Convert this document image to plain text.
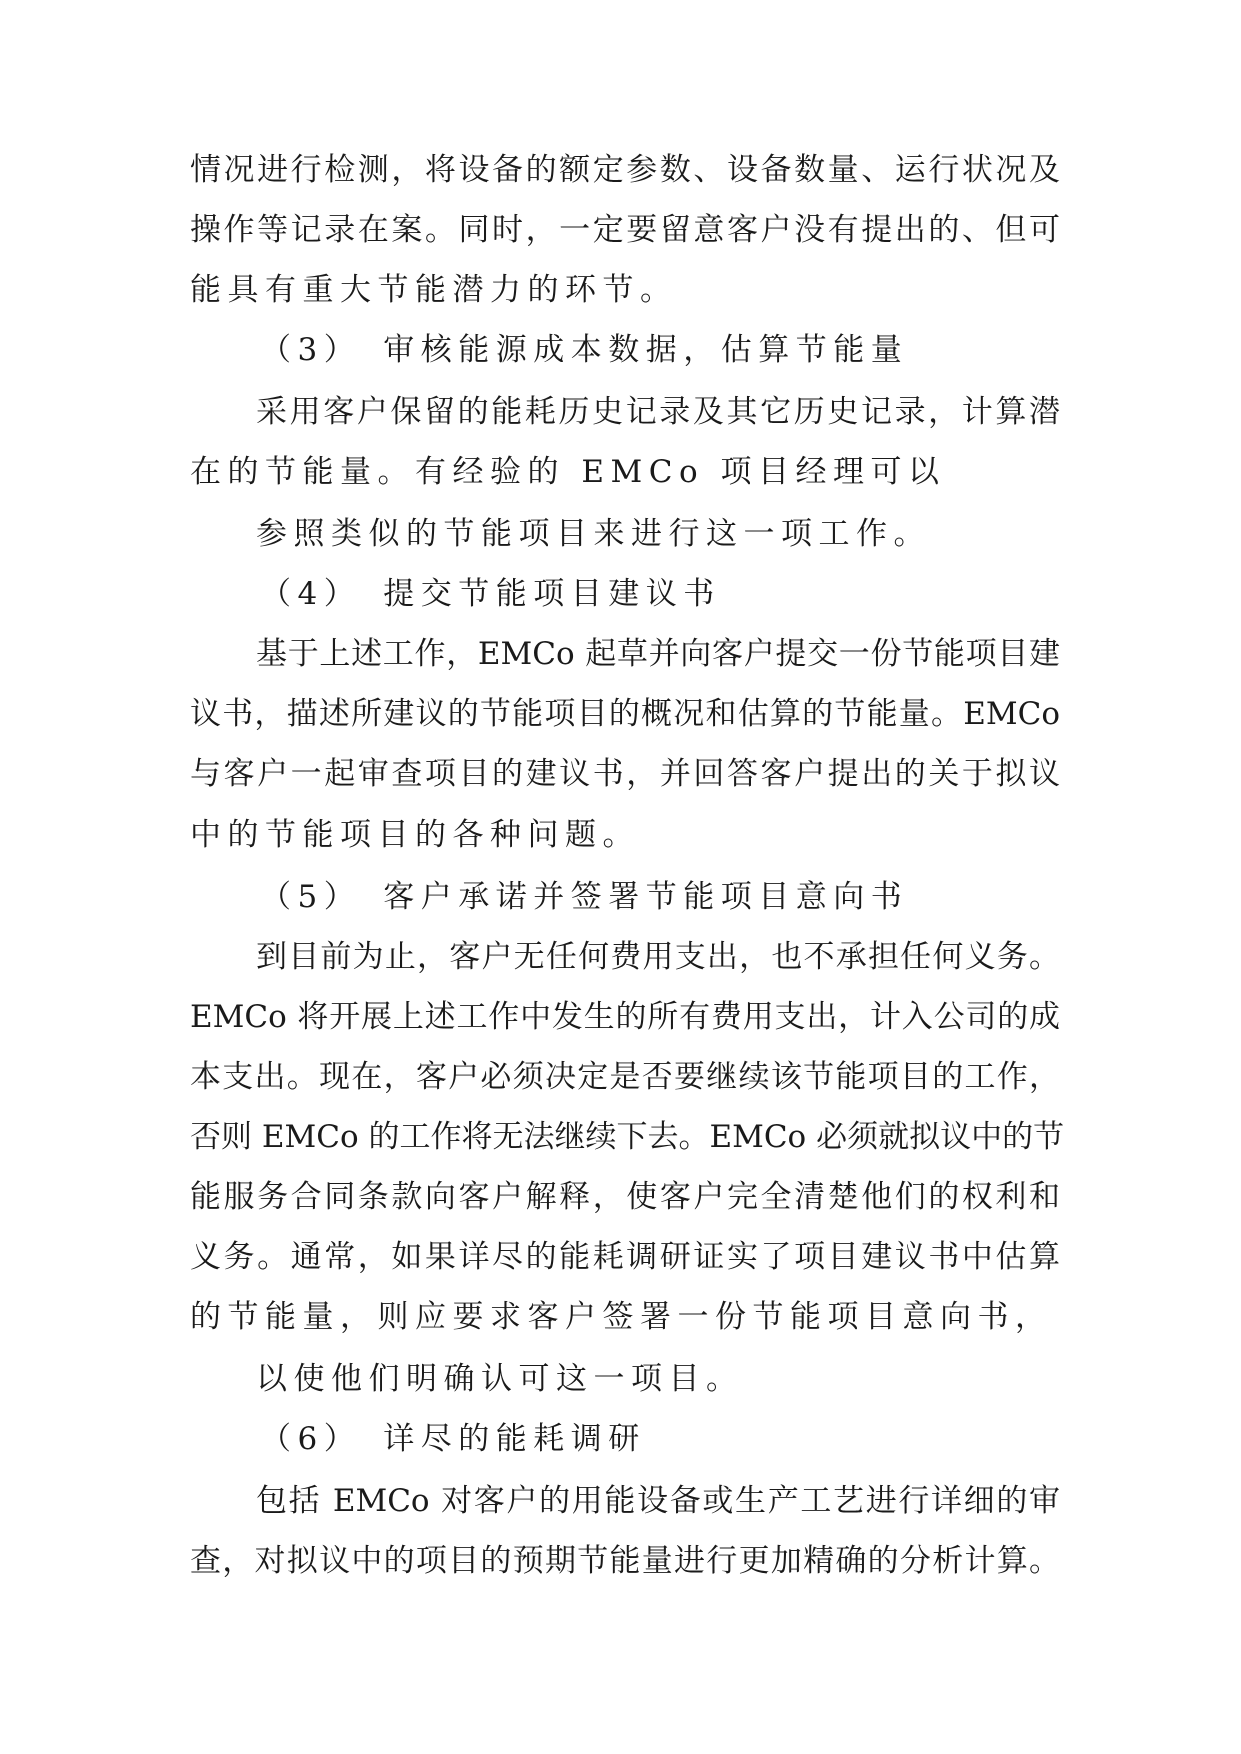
情况进行检测，将设备的额定参数、设备数量、运行状况及
操作等记录在案。同时，一定要留意客户没有提出的、但可
能具有重大节能潜力的环节。
（3）　审核能源成本数据，估算节能量
采用客户保留的能耗历史记录及其它历史记录，计算潜
在的节能量。有经验的 EMCo 项目经理可以
参照类似的节能项目来进行这一项工作。
（4）　提交节能项目建议书
基于上述工作，EMCo 起草并向客户提交一份节能项目建
议书，描述所建议的节能项目的概况和估算的节能量。EMCo
与客户一起审查项目的建议书，并回答客户提出的关于拟议
中的节能项目的各种问题。
（5）　客户承诺并签署节能项目意向书
到目前为止，客户无任何费用支出，也不承担任何义务。
EMCo 将开展上述工作中发生的所有费用支出，计入公司的成
本支出。现在，客户必须决定是否要继续该节能项目的工作，
否则 EMCo 的工作将无法继续下去。EMCo 必须就拟议中的节
能服务合同条款向客户解释，使客户完全清楚他们的权利和
义务。通常，如果详尽的能耗调研证实了项目建议书中估算
的节能量，则应要求客户签署一份节能项目意向书，
以使他们明确认可这一项目。
（6）　详尽的能耗调研
包括 EMCo 对客户的用能设备或生产工艺进行详细的审
查，对拟议中的项目的预期节能量进行更加精确的分析计算。
